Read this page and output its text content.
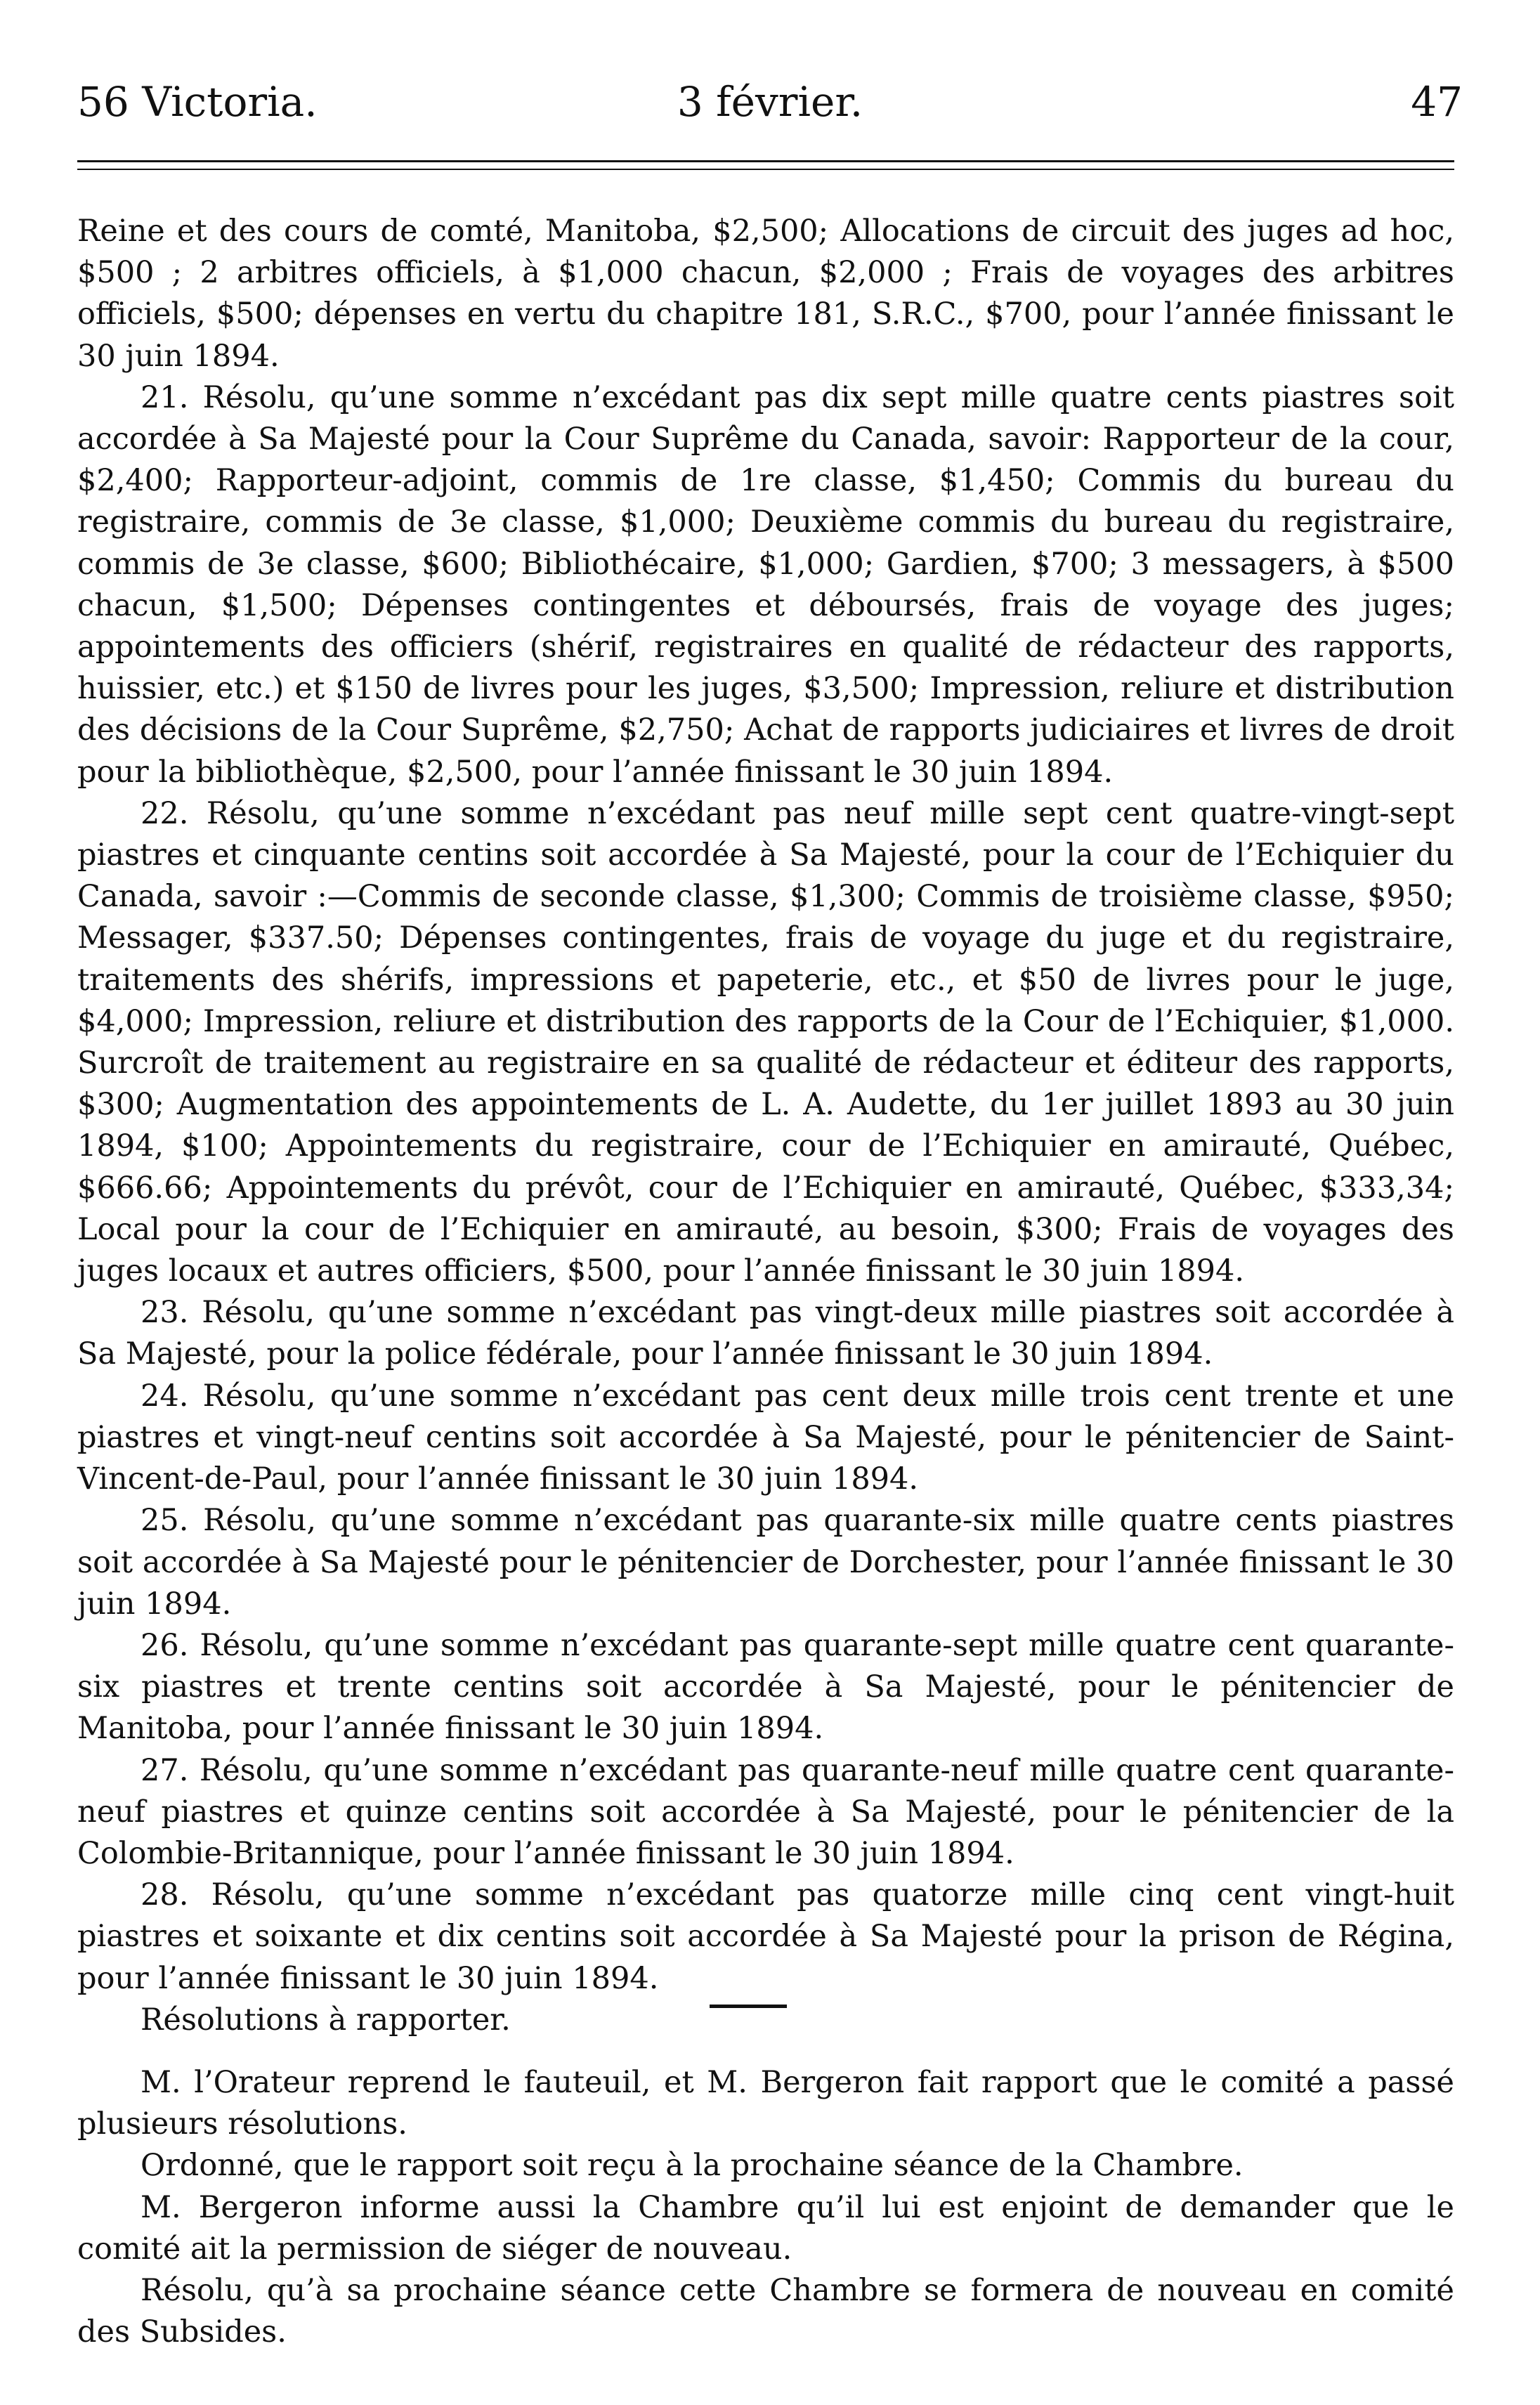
56 Victoria.	3 février.	47

Reine et des cours de comté, Manitoba, $2,500; Allocations de circuit des juges ad hoc, $500 ; 2 arbitres officiels, à $1,000 chacun, $2,000 ; Frais de voyages des arbitres officiels, $500; dépenses en vertu du chapitre 181, S.R.C., $700, pour l’année finissant le 30 juin 1894.

21. Résolu, qu’une somme n’excédant pas dix sept mille quatre cents piastres soit accordée à Sa Majesté pour la Cour Suprême du Canada, savoir: Rapporteur de la cour, $2,400; Rapporteur-adjoint, commis de 1re classe, $1,450; Commis du bureau du registraire, commis de 3e classe, $1,000; Deuxième commis du bureau du registraire, commis de 3e classe, $600; Bibliothécaire, $1,000; Gardien, $700; 3 messagers, à $500 chacun, $1,500; Dépenses contingentes et déboursés, frais de voyage des juges; appointements des officiers (shérif, registraires en qualité de rédacteur des rapports, huissier, etc.) et $150 de livres pour les juges, $3,500; Impression, reliure et distribution des décisions de la Cour Suprême, $2,750; Achat de rapports judiciaires et livres de droit pour la bibliothèque, $2,500, pour l’année finissant le 30 juin 1894.

22. Résolu, qu’une somme n’excédant pas neuf mille sept cent quatre-vingt-sept piastres et cinquante centins soit accordée à Sa Majesté, pour la cour de l’Echiquier du Canada, savoir :—Commis de seconde classe, $1,300; Commis de troisième classe, $950; Messager, $337.50; Dépenses contingentes, frais de voyage du juge et du registraire, traitements des shérifs, impressions et papeterie, etc., et $50 de livres pour le juge, $4,000; Impression, reliure et distribution des rapports de la Cour de l’Echiquier, $1,000. Surcroît de traitement au registraire en sa qualité de rédacteur et éditeur des rapports, $300; Augmentation des appointements de L. A. Audette, du 1er juillet 1893 au 30 juin 1894, $100; Appointements du registraire, cour de l’Echiquier en amirauté, Québec, $666.66; Appointements du prévôt, cour de l’Echiquier en amirauté, Québec, $333,34; Local pour la cour de l’Echiquier en amirauté, au besoin, $300; Frais de voyages des juges locaux et autres officiers, $500, pour l’année finissant le 30 juin 1894.

23. Résolu, qu’une somme n’excédant pas vingt-deux mille piastres soit accordée à Sa Majesté, pour la police fédérale, pour l’année finissant le 30 juin 1894.

24. Résolu, qu’une somme n’excédant pas cent deux mille trois cent trente et une piastres et vingt-neuf centins soit accordée à Sa Majesté, pour le pénitencier de Saint-Vincent-de-Paul, pour l’année finissant le 30 juin 1894.

25. Résolu, qu’une somme n’excédant pas quarante-six mille quatre cents piastres soit accordée à Sa Majesté pour le pénitencier de Dorchester, pour l’année finissant le 30 juin 1894.

26. Résolu, qu’une somme n’excédant pas quarante-sept mille quatre cent quarante-six piastres et trente centins soit accordée à Sa Majesté, pour le pénitencier de Manitoba, pour l’année finissant le 30 juin 1894.

27. Résolu, qu’une somme n’excédant pas quarante-neuf mille quatre cent quarante-neuf piastres et quinze centins soit accordée à Sa Majesté, pour le pénitencier de la Colombie-Britannique, pour l’année finissant le 30 juin 1894.

28. Résolu, qu’une somme n’excédant pas quatorze mille cinq cent vingt-huit piastres et soixante et dix centins soit accordée à Sa Majesté pour la prison de Régina, pour l’année finissant le 30 juin 1894.

Résolutions à rapporter.

M. l’Orateur reprend le fauteuil, et M. Bergeron fait rapport que le comité a passé plusieurs résolutions.

Ordonné, que le rapport soit reçu à la prochaine séance de la Chambre.

M. Bergeron informe aussi la Chambre qu’il lui est enjoint de demander que le comité ait la permission de siéger de nouveau.

Résolu, qu’à sa prochaine séance cette Chambre se formera de nouveau en comité des Subsides.
